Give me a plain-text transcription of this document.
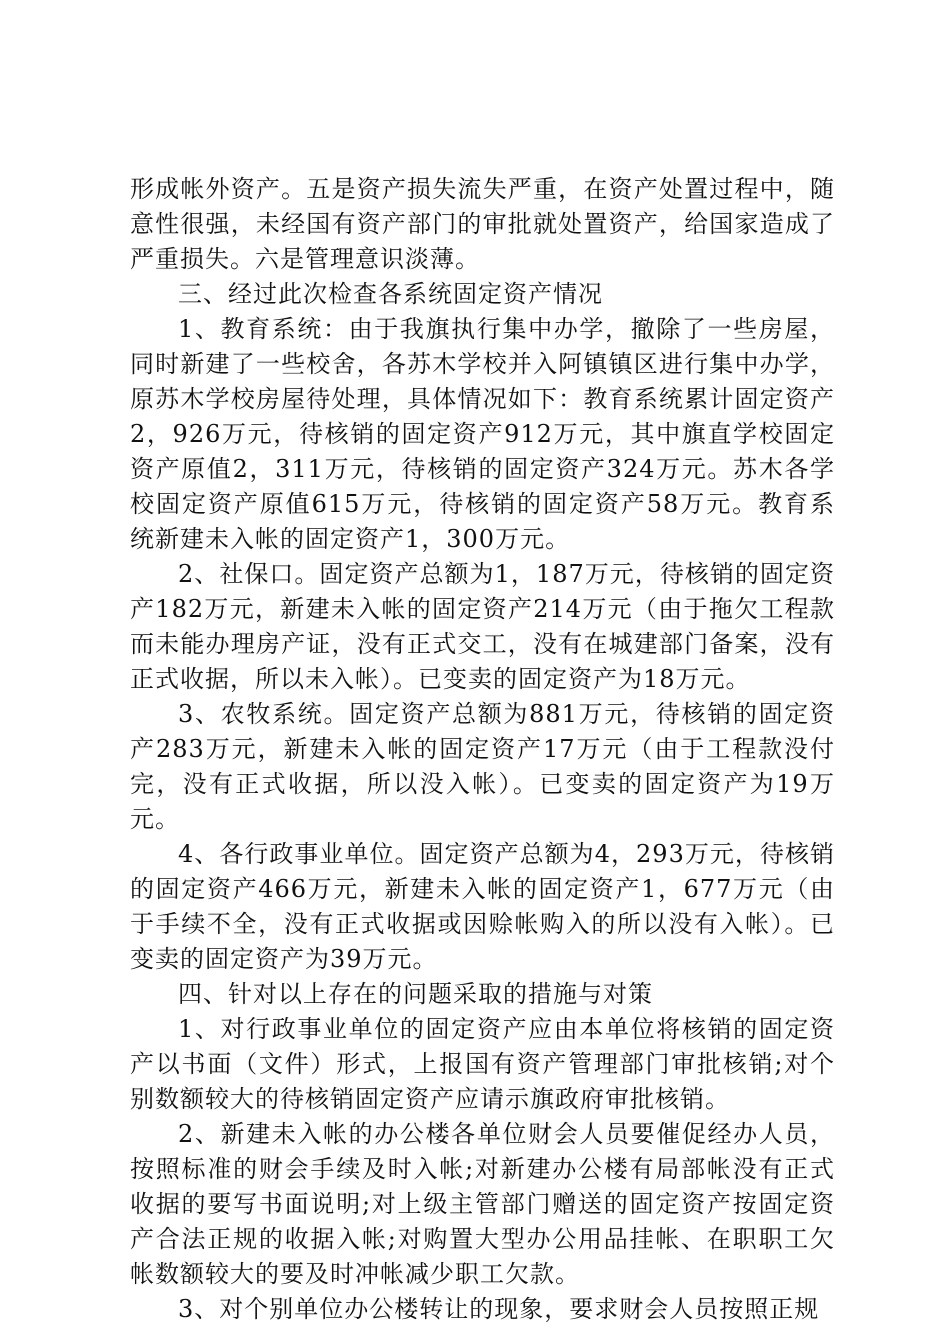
形成帐外资产。五是资产损失流失严重，在资产处置过程中，随意性很强，未经国有资产部门的审批就处置资产，给国家造成了严重损失。六是管理意识淡薄。

三、经过此次检查各系统固定资产情况

1、教育系统：由于我旗执行集中办学，撤除了一些房屋，同时新建了一些校舍，各苏木学校并入阿镇镇区进行集中办学，原苏木学校房屋待处理，具体情况如下：教育系统累计固定资产2，926万元，待核销的固定资产912万元，其中旗直学校固定资产原值2，311万元，待核销的固定资产324万元。苏木各学校固定资产原值615万元，待核销的固定资产58万元。教育系统新建未入帐的固定资产1，300万元。

2、社保口。固定资产总额为1，187万元，待核销的固定资产182万元，新建未入帐的固定资产214万元（由于拖欠工程款而未能办理房产证，没有正式交工，没有在城建部门备案，没有正式收据，所以未入帐）。已变卖的固定资产为18万元。

3、农牧系统。固定资产总额为881万元，待核销的固定资产283万元，新建未入帐的固定资产17万元（由于工程款没付完，没有正式收据，所以没入帐）。已变卖的固定资产为19万元。

4、各行政事业单位。固定资产总额为4，293万元，待核销的固定资产466万元，新建未入帐的固定资产1，677万元（由于手续不全，没有正式收据或因赊帐购入的所以没有入帐）。已变卖的固定资产为39万元。

四、针对以上存在的问题采取的措施与对策

1、对行政事业单位的固定资产应由本单位将核销的固定资产以书面（文件）形式，上报国有资产管理部门审批核销;对个别数额较大的待核销固定资产应请示旗政府审批核销。

2、新建未入帐的办公楼各单位财会人员要催促经办人员，按照标准的财会手续及时入帐;对新建办公楼有局部帐没有正式收据的要写书面说明;对上级主管部门赠送的固定资产按固定资产合法正规的收据入帐;对购置大型办公用品挂帐、在职职工欠帐数额较大的要及时冲帐减少职工欠款。

3、对个别单位办公楼转让的现象，要求财会人员按照正规
